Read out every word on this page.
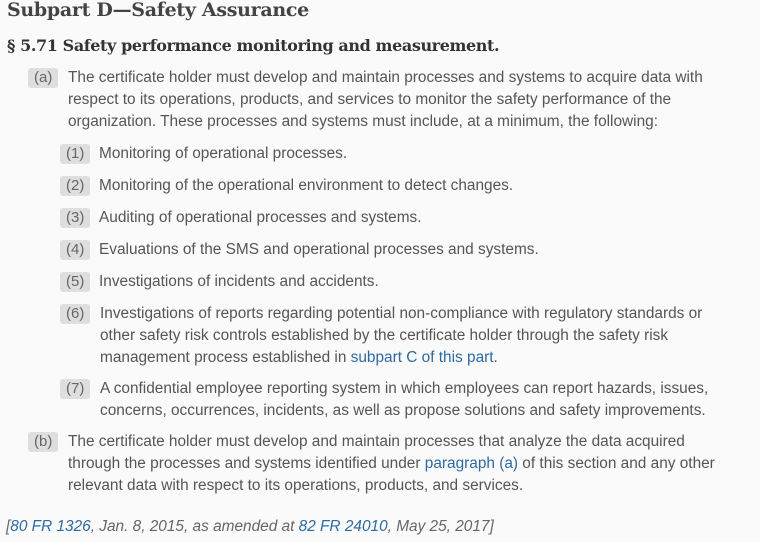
Subpart D—Safety Assurance
§ 5.71 Safety performance monitoring and measurement.
(a)	The certificate holder must develop and maintain processes and systems to acquire data with
respect to its operations, products, and services to monitor the safety performance of the
organization. These processes and systems must include, at a minimum, the following:
(1) Monitoring of operational processes.
(2) Monitoring of the operational environment to detect changes.
(3) Auditing of operational processes and systems.
(4) Evaluations of the SMS and operational processes and systems.
(5) Investigations of incidents and accidents.
(6)	Investigations of reports regarding potential non-compliance with regulatory standards or
other safety risk controls established by the certificate holder through the safety risk
management process established in subpart C of this part.
(7)	A confidential employee reporting system in which employees can report hazards, issues,
concerns, occurrences, incidents, as well as propose solutions and safety improvements.
(b)	The certificate holder must develop and maintain processes that analyze the data acquired
through the processes and systems identified under paragraph (a) of this section and any other
relevant data with respect to its operations, products, and services.
[80 FR 1326, Jan. 8, 2015, as amended at 82 FR 24010, May 25, 2017]
